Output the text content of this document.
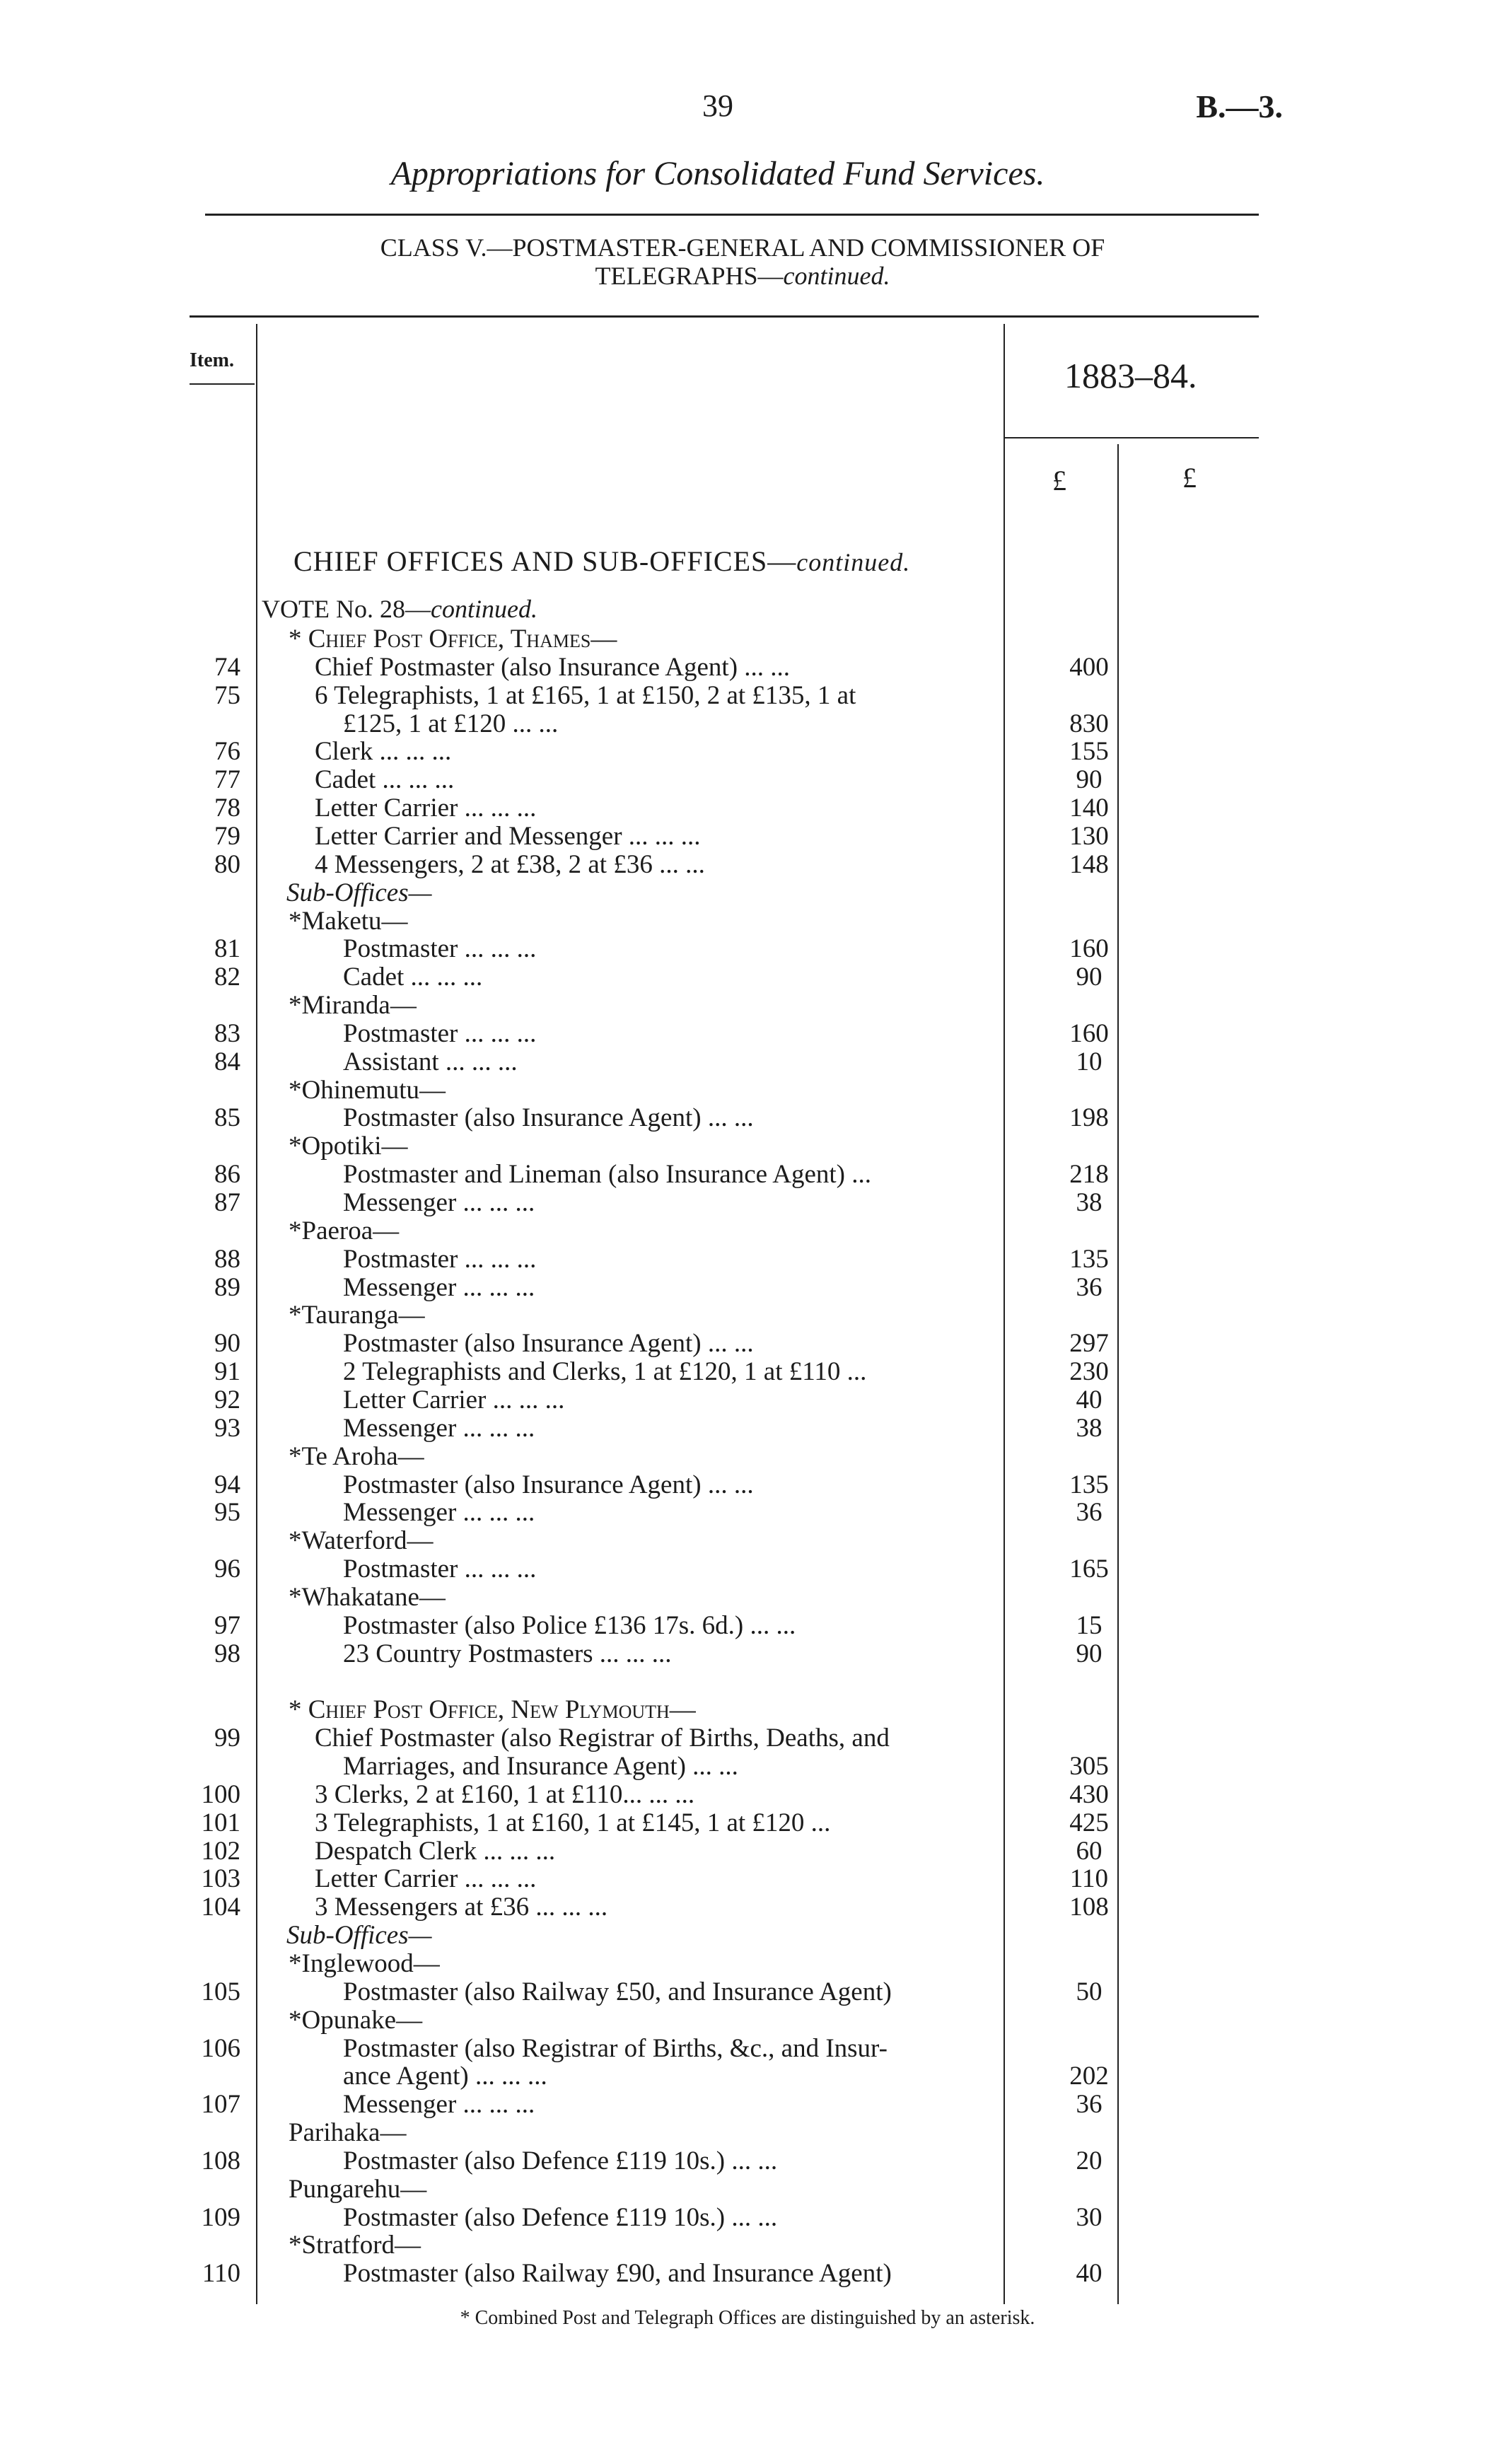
39	B.—3.
Appropriations for Consolidated Fund Services.
CLASS V.—POSTMASTER-GENERAL AND COMMISSIONER OF
TELEGRAPHS—continued.
Item.	1883–84.
£	£
CHIEF OFFICES AND SUB-OFFICES—continued.
VOTE No. 28—continued.
* Chief Post Office, Thames—
74	Chief Postmaster (also Insurance Agent) ... ...	400
75	6 Telegraphists, 1 at £165, 1 at £150, 2 at £135, 1 at
£125, 1 at £120 ... ...	830
76	Clerk ... ... ...	155
77	Cadet ... ... ...	90
78	Letter Carrier ... ... ...	140
79	Letter Carrier and Messenger ... ... ...	130
80	4 Messengers, 2 at £38, 2 at £36 ... ...	148
Sub-Offices—
*Maketu—
81	Postmaster ... ... ...	160
82	Cadet ... ... ...	90
*Miranda—
83	Postmaster ... ... ...	160
84	Assistant ... ... ...	10
*Ohinemutu—
85	Postmaster (also Insurance Agent) ... ...	198
*Opotiki—
86	Postmaster and Lineman (also Insurance Agent) ...	218
87	Messenger ... ... ...	38
*Paeroa—
88	Postmaster ... ... ...	135
89	Messenger ... ... ...	36
*Tauranga—
90	Postmaster (also Insurance Agent) ... ...	297
91	2 Telegraphists and Clerks, 1 at £120, 1 at £110 ...	230
92	Letter Carrier ... ... ...	40
93	Messenger ... ... ...	38
*Te Aroha—
94	Postmaster (also Insurance Agent) ... ...	135
95	Messenger ... ... ...	36
*Waterford—
96	Postmaster ... ... ...	165
*Whakatane—
97	Postmaster (also Police £136 17s. 6d.) ... ...	15
98	23 Country Postmasters ... ... ...	90
* Chief Post Office, New Plymouth—
99	Chief Postmaster (also Registrar of Births, Deaths, and
Marriages, and Insurance Agent) ... ...	305
100	3 Clerks, 2 at £160, 1 at £110... ... ...	430
101	3 Telegraphists, 1 at £160, 1 at £145, 1 at £120 ...	425
102	Despatch Clerk ... ... ...	60
103	Letter Carrier ... ... ...	110
104	3 Messengers at £36 ... ... ...	108
Sub-Offices—
*Inglewood—
105	Postmaster (also Railway £50, and Insurance Agent)	50
*Opunake—
106	Postmaster (also Registrar of Births, &c., and Insur-
ance Agent) ... ... ...	202
107	Messenger ... ... ...	36
Parihaka—
108	Postmaster (also Defence £119 10s.) ... ...	20
Pungarehu—
109	Postmaster (also Defence £119 10s.) ... ...	30
*Stratford—
110	Postmaster (also Railway £90, and Insurance Agent)	40
* Combined Post and Telegraph Offices are distinguished by an asterisk.
